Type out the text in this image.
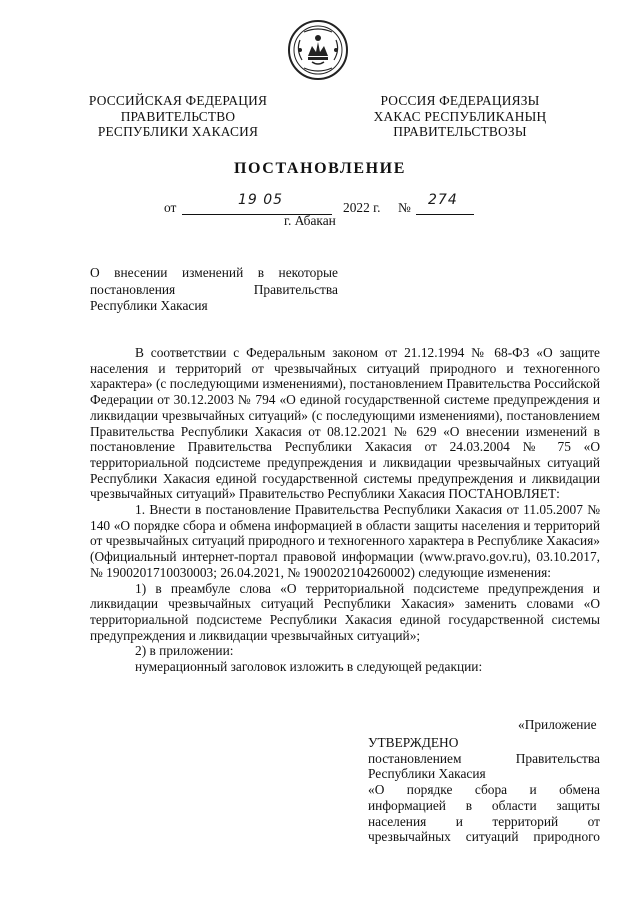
РОССИЙСКАЯ ФЕДЕРАЦИЯ
ПРАВИТЕЛЬСТВО
РЕСПУБЛИКИ ХАКАСИЯ
РОССИЯ ФЕДЕРАЦИЯЗЫ
ХАКАС РЕСПУБЛИКАНЫҢ
ПРАВИТЕЛЬСТВОЗЫ
ПОСТАНОВЛЕНИЕ
от	19 05	2022 г. № 274
г. Абакан
О внесении изменений в некоторые
постановления Правительства
Республики Хакасия

В соответствии с Федеральным законом от 21.12.1994 № 68-ФЗ «О защите населения и территорий от чрезвычайных ситуаций природного и техногенного характера» (с последующими изменениями), постановлением Правительства Российской Федерации от 30.12.2003 № 794 «О единой государственной системе предупреждения и ликвидации чрезвычайных ситуаций» (с последующими изменениями), постановлением Правительства Республики Хакасия от 08.12.2021 № 629 «О внесении изменений в постановление Правительства Республики Хакасия от 24.03.2004 № 75 «О территориальной подсистеме предупреждения и ликвидации чрезвычайных ситуаций Республики Хакасия единой государственной системы предупреждения и ликвидации чрезвычайных ситуаций» Правительство Республики Хакасия ПОСТАНОВЛЯЕТ:

1. Внести в постановление Правительства Республики Хакасия от 11.05.2007 № 140 «О порядке сбора и обмена информацией в области защиты населения и территорий от чрезвычайных ситуаций природного и техногенного характера в Республике Хакасия» (Официальный интернет-портал правовой информации (www.pravo.gov.ru), 03.10.2017, № 1900201710030003; 26.04.2021, № 1900202104260002) следующие изменения:

1) в преамбуле слова «О территориальной подсистеме предупреждения и ликвидации чрезвычайных ситуаций Республики Хакасия» заменить словами «О территориальной подсистеме Республики Хакасия единой государственной системы предупреждения и ликвидации чрезвычайных ситуаций»;

2) в приложении:

нумерационный заголовок изложить в следующей редакции:

«Приложение
УТВЕРЖДЕНО
постановлением Правительства
Республики Хакасия
«О порядке сбора и обмена
информацией в области защиты
населения и территорий от
чрезвычайных ситуаций природного
